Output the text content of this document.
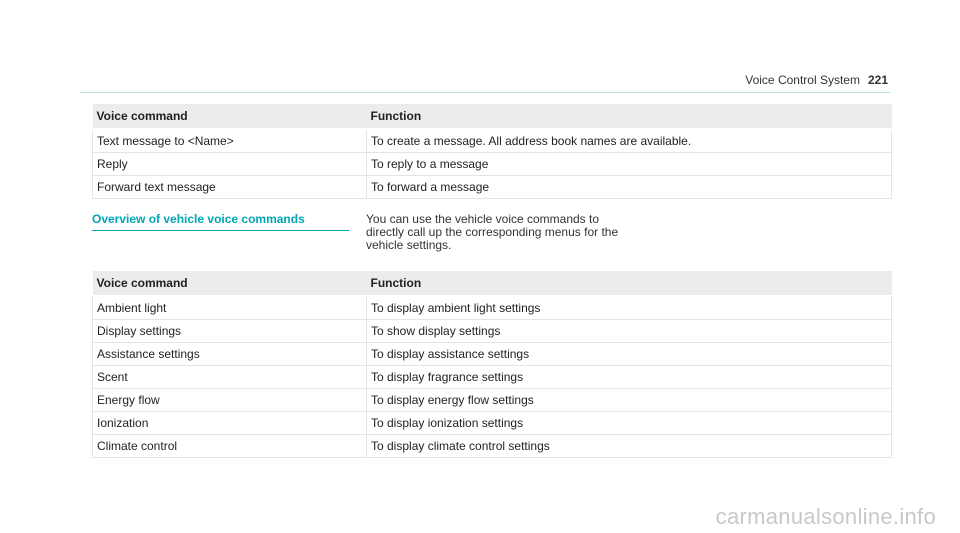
Voice Control System 221
Voice command	Function
Text message to <Name>	To create a message. All address book names are available.
Reply	To reply to a message
Forward text message	To forward a message
Overview of vehicle voice commands	You can use the vehicle voice commands to directly call up the corresponding menus for the vehicle settings.
Voice command	Function
Ambient light	To display ambient light settings
Display settings	To show display settings
Assistance settings	To display assistance settings
Scent	To display fragrance settings
Energy flow	To display energy flow settings
Ionization	To display ionization settings
Climate control	To display climate control settings
carmanualsonline.info
